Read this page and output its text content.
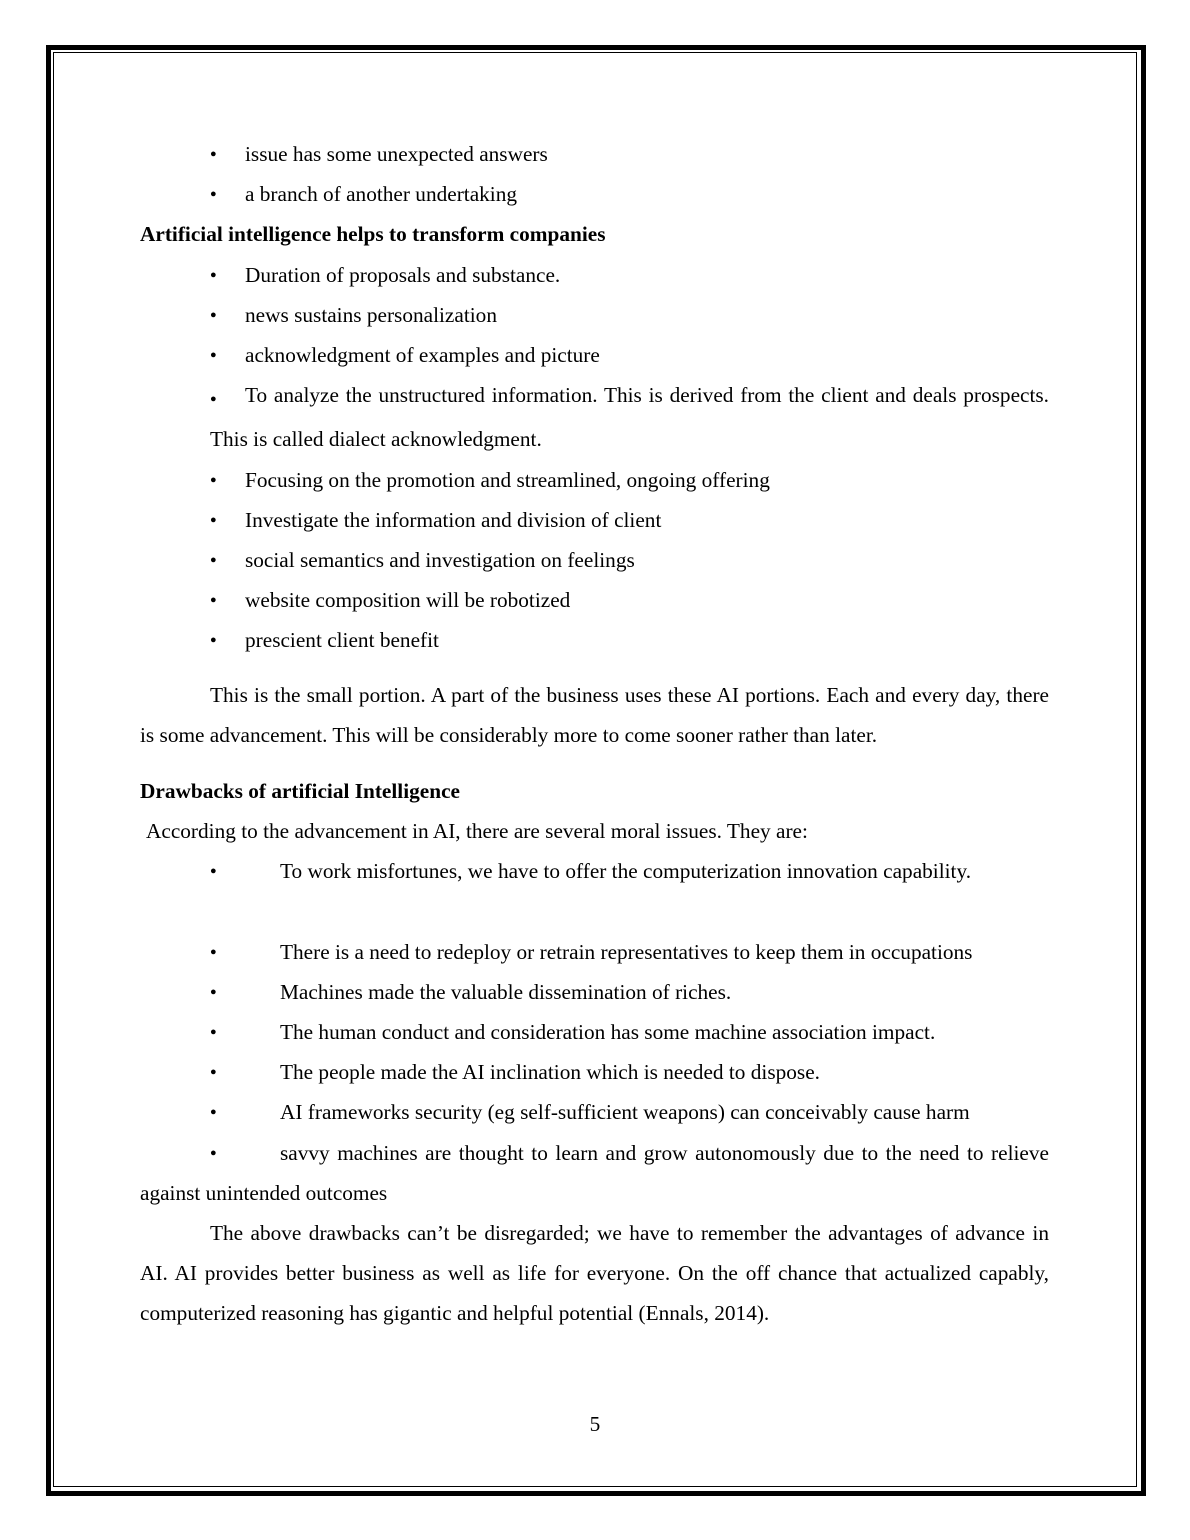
● issue has some unexpected answers
● a branch of another undertaking
Artificial intelligence helps to transform companies
● Duration of proposals and substance.
● news sustains personalization
● acknowledgment of examples and picture
● To analyze the unstructured information. This is derived from the client and deals prospects. This is called dialect acknowledgment.
● Focusing on the promotion and streamlined, ongoing offering
● Investigate the information and division of client
● social semantics and investigation on feelings
● website composition will be robotized
● prescient client benefit
This is the small portion. A part of the business uses these AI portions. Each and every day, there is some advancement. This will be considerably more to come sooner rather than later.
Drawbacks of artificial Intelligence
According to the advancement in AI, there are several moral issues. They are:
●	To work misfortunes, we have to offer the computerization innovation capability.
●	There is a need to redeploy or retrain representatives to keep them in occupations
●	Machines made the valuable dissemination of riches.
●	The human conduct and consideration has some machine association impact.
●	The people made the AI inclination which is needed to dispose.
●	AI frameworks security (eg self-sufficient weapons) can conceivably cause harm
●	savvy machines are thought to learn and grow autonomously due to the need to relieve against unintended outcomes
The above drawbacks can’t be disregarded; we have to remember the advantages of advance in AI. AI provides better business as well as life for everyone. On the off chance that actualized capably, computerized reasoning has gigantic and helpful potential (Ennals, 2014).
5
